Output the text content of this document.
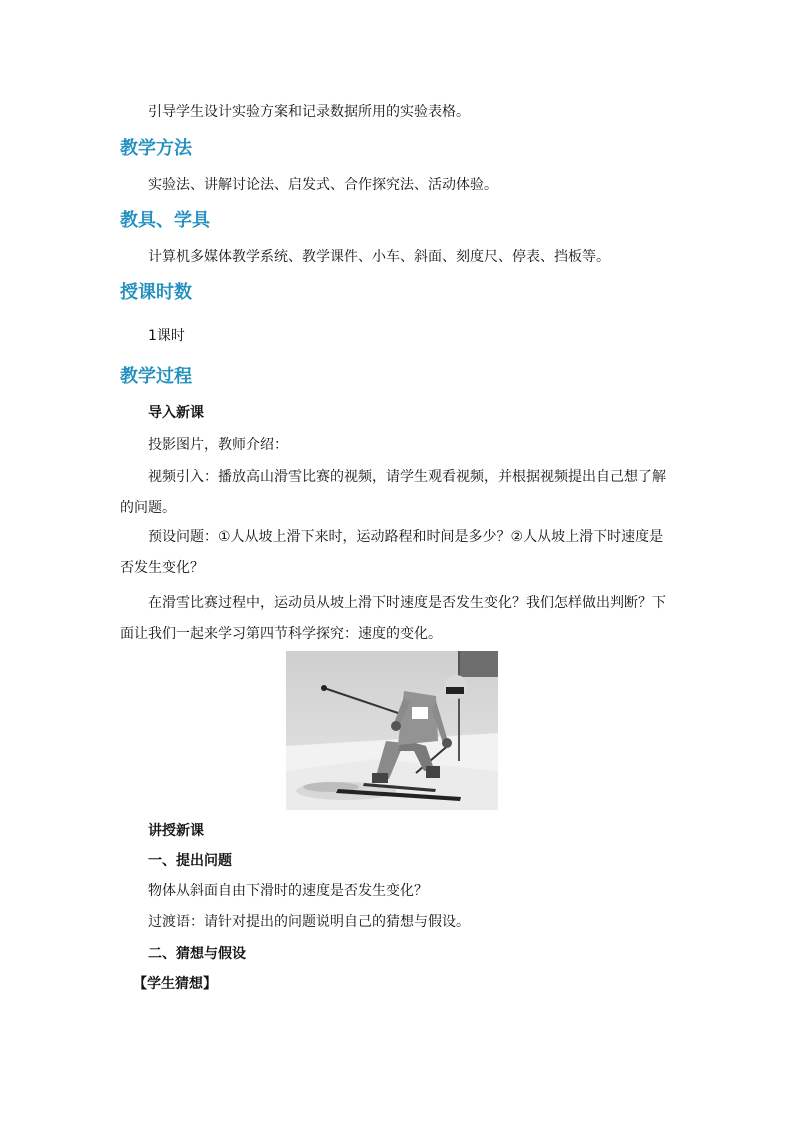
引导学生设计实验方案和记录数据所用的实验表格。

教学方法

实验法、讲解讨论法、启发式、合作探究法、活动体验。

教具、学具

计算机多媒体教学系统、教学课件、小车、斜面、刻度尺、停表、挡板等。

授课时数

1课时

教学过程

导入新课

投影图片，教师介绍：

视频引入：播放高山滑雪比赛的视频，请学生观看视频，并根据视频提出自己想了解的问题。

预设问题：①人从坡上滑下来时，运动路程和时间是多少？②人从坡上滑下时速度是否发生变化？

在滑雪比赛过程中，运动员从坡上滑下时速度是否发生变化？我们怎样做出判断？下面让我们一起来学习第四节科学探究：速度的变化。

讲授新课

一、提出问题

物体从斜面自由下滑时的速度是否发生变化？

过渡语：请针对提出的问题说明自己的猜想与假设。

二、猜想与假设

【学生猜想】
